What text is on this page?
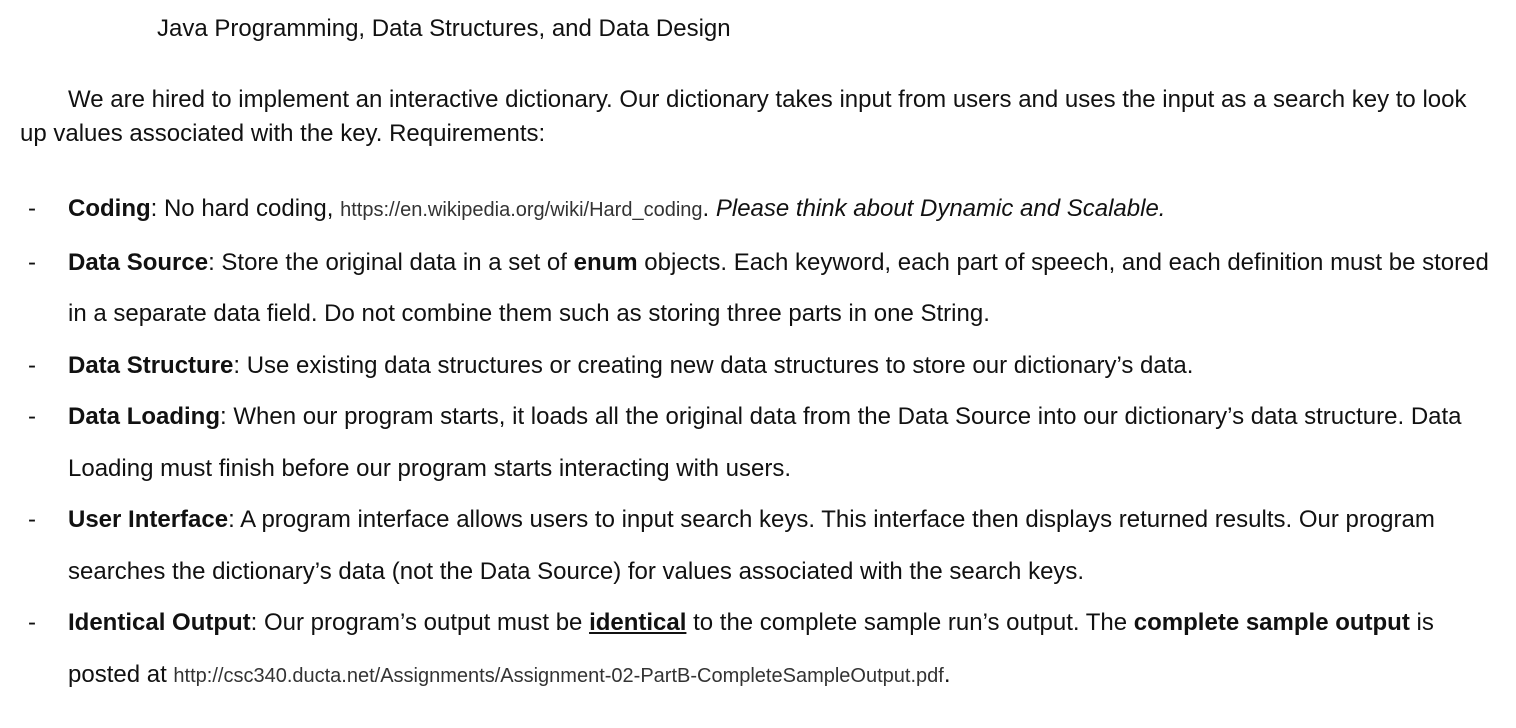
Java Programming, Data Structures, and Data Design
We are hired to implement an interactive dictionary. Our dictionary takes input from users and uses the input as a search key to look up values associated with the key. Requirements:
- Coding: No hard coding, https://en.wikipedia.org/wiki/Hard_coding. Please think about Dynamic and Scalable.
- Data Source: Store the original data in a set of enum objects. Each keyword, each part of speech, and each definition must be stored in a separate data field. Do not combine them such as storing three parts in one String.
- Data Structure: Use existing data structures or creating new data structures to store our dictionary’s data.
- Data Loading: When our program starts, it loads all the original data from the Data Source into our dictionary’s data structure. Data Loading must finish before our program starts interacting with users.
- User Interface: A program interface allows users to input search keys. This interface then displays returned results. Our program searches the dictionary’s data (not the Data Source) for values associated with the search keys.
- Identical Output: Our program’s output must be identical to the complete sample run’s output. The complete sample output is posted at http://csc340.ducta.net/Assignments/Assignment-02-PartB-CompleteSampleOutput.pdf.
